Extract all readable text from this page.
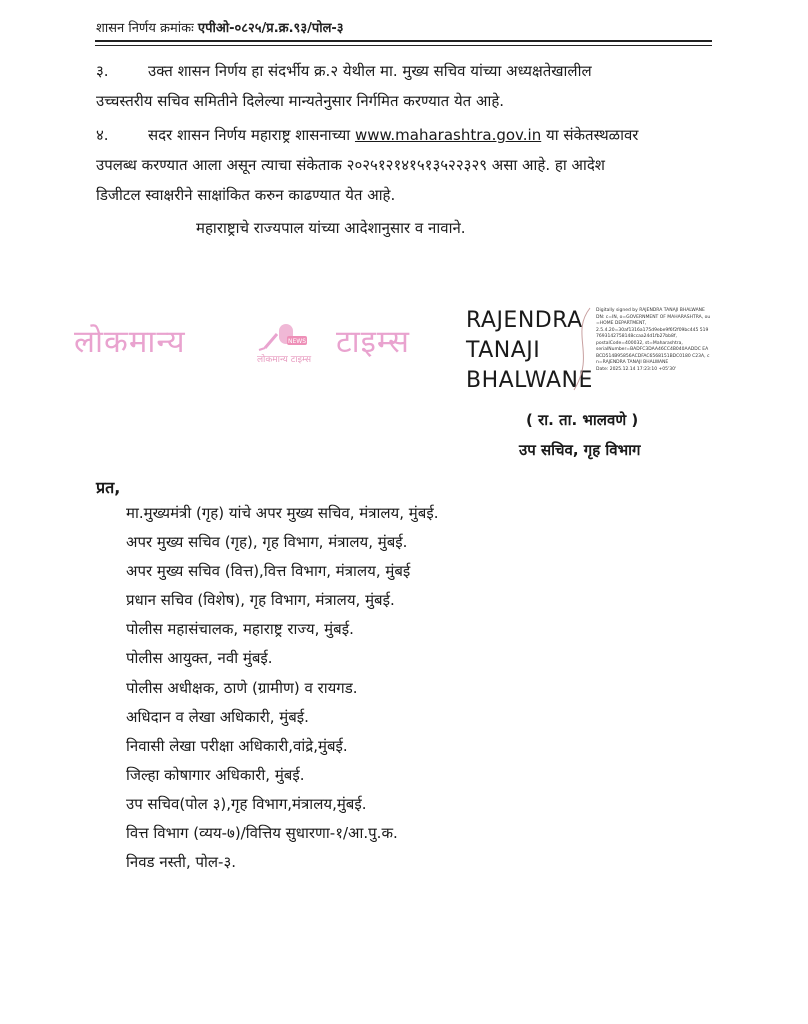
शासन निर्णय क्रमांकः एपीओ-०८२५/प्र.क्र.९३/पोल-३
३.	उक्त शासन निर्णय हा संदर्भीय क्र.२ येथील मा. मुख्य सचिव यांच्या अध्यक्षतेखालील
उच्चस्तरीय सचिव समितीने दिलेल्या मान्यतेनुसार निर्गमित करण्यात येत आहे.
४.	सदर शासन निर्णय महाराष्ट्र शासनाच्या www.maharashtra.gov.in या संकेतस्थळावर
उपलब्ध करण्यात आला असून त्याचा संकेताक २०२५१२१४१५१३५२२३२९ असा आहे. हा आदेश
डिजीटल स्वाक्षरीने साक्षांकित करुन काढण्यात येत आहे.
महाराष्ट्राचे राज्यपाल यांच्या आदेशानुसार व नावाने.
लोकमान्य	NEWS
लोकमान्य टाइम्स टाइम्स
RAJENDRA
TANAJI
BHALWANE
Digitally signed by RAJENDRA TANAJI BHALWANE
DN: c=IN, o=GOVERNMENT OF MAHARASHTRA, ou=HOME DEPARTMENT,
2.5.4.20=30af1316a175d9ebe9f6f2f09bc445 5197693142758148ccaa24d1fb27bb8f,
postalCode=400032, st=Maharashtra,
serialNumber=BADFC3DAA46CC4B040AADDC EABCD514B95856ACDFAC6568151BDC0180 C23A, cn=RAJENDRA TANAJI BHALWANE
Date: 2025.12.14 17:23:10 +05'30'
( रा. ता. भालवणे )
उप सचिव, गृह विभाग
प्रत,
मा.मुख्यमंत्री (गृह) यांचे अपर मुख्य सचिव, मंत्रालय, मुंबई.
अपर मुख्य सचिव (गृह), गृह विभाग, मंत्रालय, मुंबई.
अपर मुख्य सचिव (वित्त),वित्त विभाग, मंत्रालय, मुंबई
प्रधान सचिव (विशेष), गृह विभाग, मंत्रालय, मुंबई.
पोलीस महासंचालक, महाराष्ट्र राज्य, मुंबई.
पोलीस आयुक्त, नवी मुंबई.
पोलीस अधीक्षक, ठाणे (ग्रामीण) व रायगड.
अधिदान व लेखा अधिकारी, मुंबई.
निवासी लेखा परीक्षा अधिकारी,वांद्रे,मुंबई.
जिल्हा कोषागार अधिकारी, मुंबई.
उप सचिव(पोल ३),गृह विभाग,मंत्रालय,मुंबई.
वित्त विभाग (व्यय-७)/वित्तिय सुधारणा-१/आ.पु.क.
निवड नस्ती, पोल-३.
